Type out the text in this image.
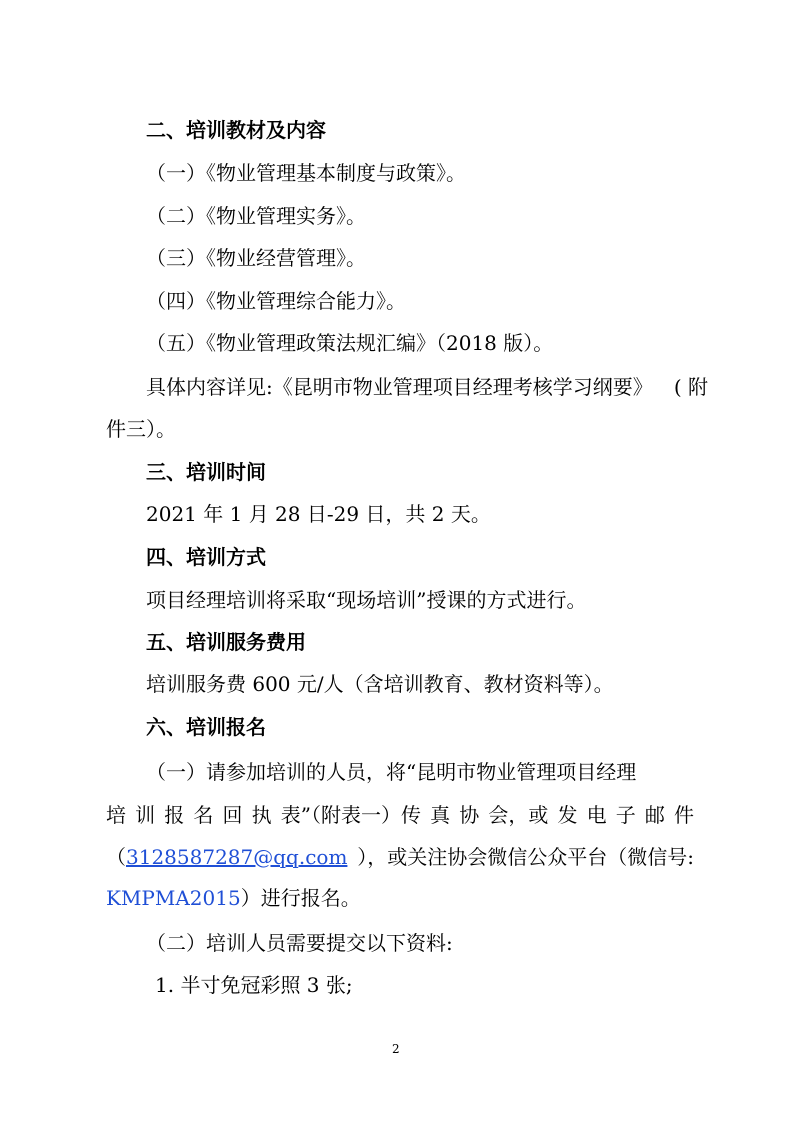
二、培训教材及内容
（一）《物业管理基本制度与政策》。
（二）《物业管理实务》。
（三）《物业经营管理》。
（四）《物业管理综合能力》。
（五）《物业管理政策法规汇编》（2018 版）。
具体内容详见:《昆明市物业管理项目经理考核学习纲要》 ( 附
件三）。
三、培训时间
2021 年 1 月 28 日-29 日，共 2 天。
四、培训方式
项目经理培训将采取“现场培训”授课的方式进行。
五、培训服务费用
培训服务费 600 元/人（含培训教育、教材资料等）。
六、培训报名
（一）请参加培训的人员，将“昆明市物业管理项目经理
培 训 报 名 回 执 表”（附表一）传 真 协 会，或 发 电 子 邮 件
（3128587287@qq.com ），或关注协会微信公众平台（微信号:
KMPMA2015）进行报名。
（二）培训人员需要提交以下资料:
1. 半寸免冠彩照 3 张;
2
